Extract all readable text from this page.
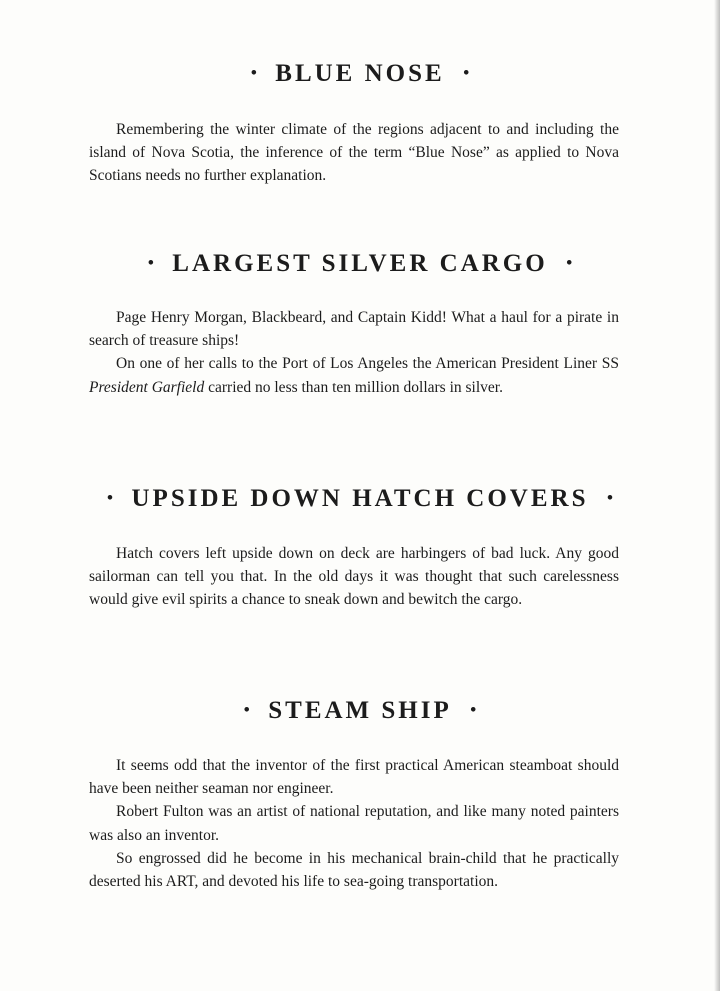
• BLUE NOSE •

Remembering the winter climate of the regions adjacent to and including the island of Nova Scotia, the inference of the term “Blue Nose” as applied to Nova Scotians needs no further explanation.

• LARGEST SILVER CARGO •

Page Henry Morgan, Blackbeard, and Captain Kidd! What a haul for a pirate in search of treasure ships!

On one of her calls to the Port of Los Angeles the American President Liner SS President Garfield carried no less than ten million dollars in silver.

• UPSIDE DOWN HATCH COVERS •

Hatch covers left upside down on deck are harbingers of bad luck. Any good sailorman can tell you that. In the old days it was thought that such carelessness would give evil spirits a chance to sneak down and bewitch the cargo.

• STEAM SHIP •

It seems odd that the inventor of the first practical American steamboat should have been neither seaman nor engineer.

Robert Fulton was an artist of national reputation, and like many noted painters was also an inventor.

So engrossed did he become in his mechanical brain-child that he practically deserted his ART, and devoted his life to sea-going transportation.
